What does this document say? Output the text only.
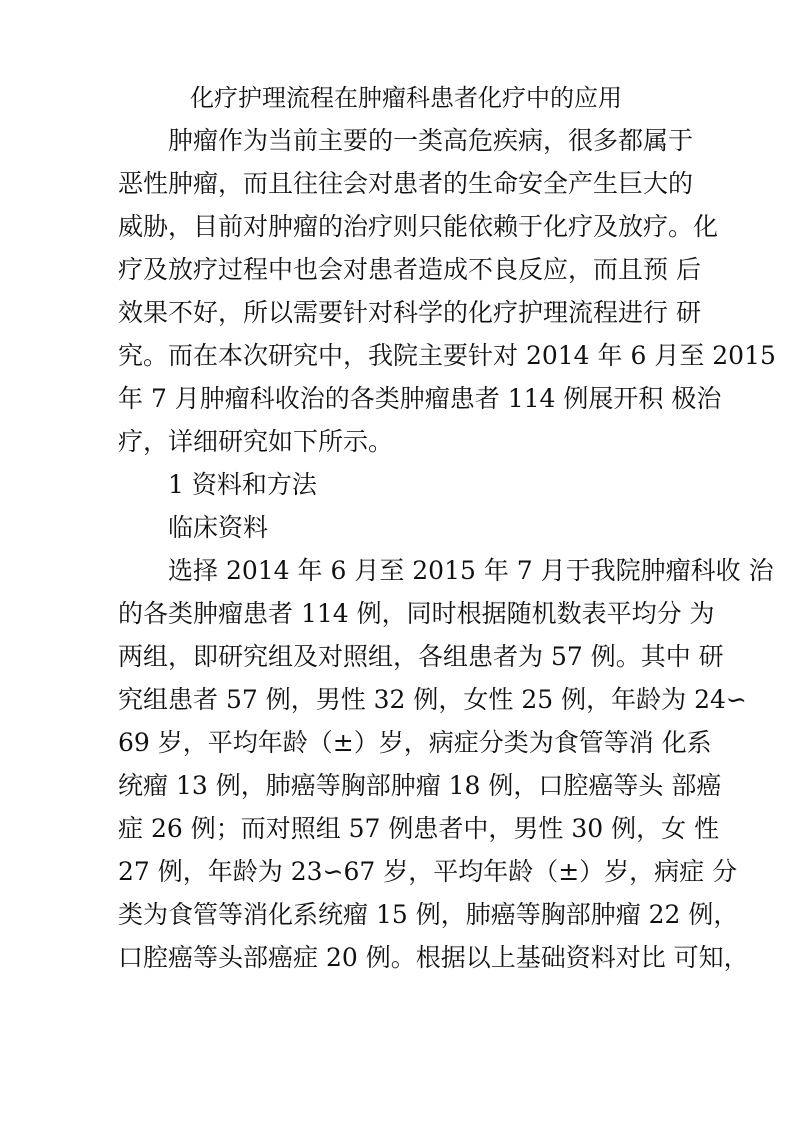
化疗护理流程在肿瘤科患者化疗中的应用
肿瘤作为当前主要的一类高危疾病，很多都属于
恶性肿瘤，而且往往会对患者的生命安全产生巨大的
威胁，目前对肿瘤的治疗则只能依赖于化疗及放疗。化
疗及放疗过程中也会对患者造成不良反应，而且预 后
效果不好，所以需要针对科学的化疗护理流程进行 研
究。而在本次研究中，我院主要针对 2014 年 6 月至 2015
年 7 月肿瘤科收治的各类肿瘤患者 114 例展开积 极治
疗，详细研究如下所示。
1 资料和方法
临床资料
选择 2014 年 6 月至 2015 年 7 月于我院肿瘤科收 治
的各类肿瘤患者 114 例，同时根据随机数表平均分 为
两组，即研究组及对照组，各组患者为 57 例。其中 研
究组患者 57 例，男性 32 例，女性 25 例，年龄为 24∽
69 岁，平均年龄（±）岁，病症分类为食管等消 化系
统瘤 13 例，肺癌等胸部肿瘤 18 例，口腔癌等头 部癌
症 26 例；而对照组 57 例患者中，男性 30 例，女 性
27 例，年龄为 23∽67 岁，平均年龄（±）岁，病症 分
类为食管等消化系统瘤 15 例，肺癌等胸部肿瘤 22 例，
口腔癌等头部癌症 20 例。根据以上基础资料对比 可知，
